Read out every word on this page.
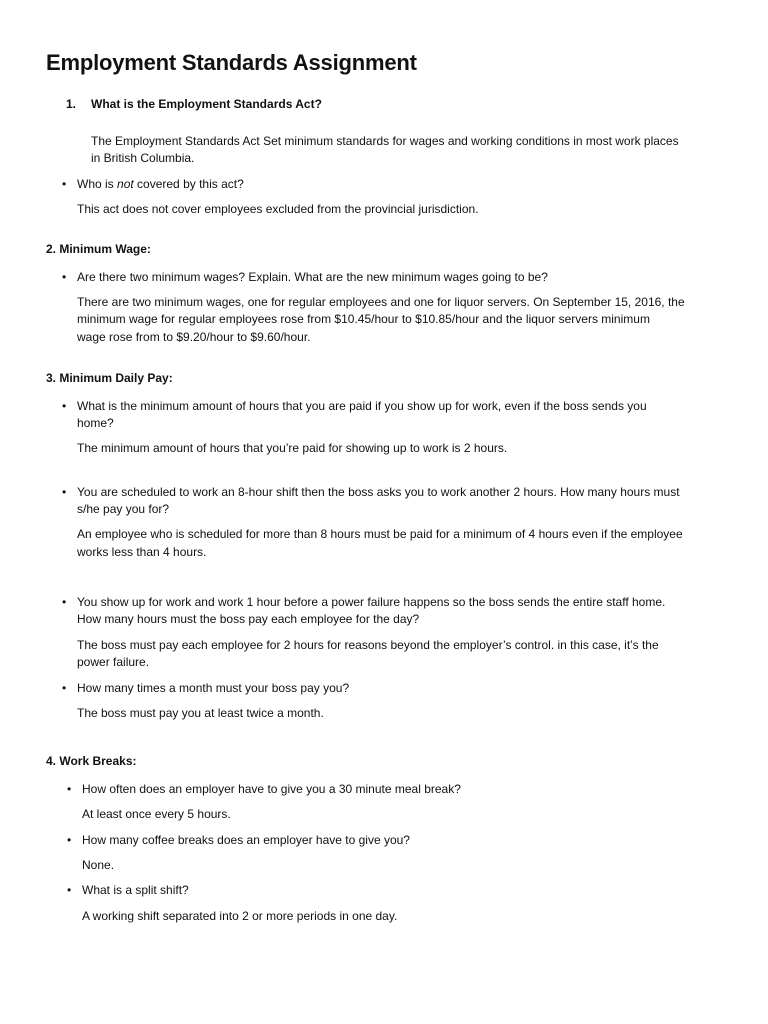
Employment Standards Assignment
1. What is the Employment Standards Act?
The Employment Standards Act Set minimum standards for wages and working conditions in most work places
in British Columbia.
• Who is not covered by this act?
This act does not cover employees excluded from the provincial jurisdiction.
2. Minimum Wage:
• Are there two minimum wages? Explain. What are the new minimum wages going to be?
There are two minimum wages, one for regular employees and one for liquor servers. On September 15, 2016, the
minimum wage for regular employees rose from $10.45/hour to $10.85/hour and the liquor servers minimum
wage rose from to $9.20/hour to $9.60/hour.
3. Minimum Daily Pay:
• What is the minimum amount of hours that you are paid if you show up for work, even if the boss sends you
home?
The minimum amount of hours that you’re paid for showing up to work is 2 hours.
• You are scheduled to work an 8-hour shift then the boss asks you to work another 2 hours. How many hours must
s/he pay you for?
An employee who is scheduled for more than 8 hours must be paid for a minimum of 4 hours even if the employee
works less than 4 hours.
• You show up for work and work 1 hour before a power failure happens so the boss sends the entire staff home.
How many hours must the boss pay each employee for the day?
The boss must pay each employee for 2 hours for reasons beyond the employer’s control. in this case, it’s the
power failure.
• How many times a month must your boss pay you?
The boss must pay you at least twice a month.
4. Work Breaks:
• How often does an employer have to give you a 30 minute meal break?
At least once every 5 hours.
• How many coffee breaks does an employer have to give you?
None.
• What is a split shift?
A working shift separated into 2 or more periods in one day.
